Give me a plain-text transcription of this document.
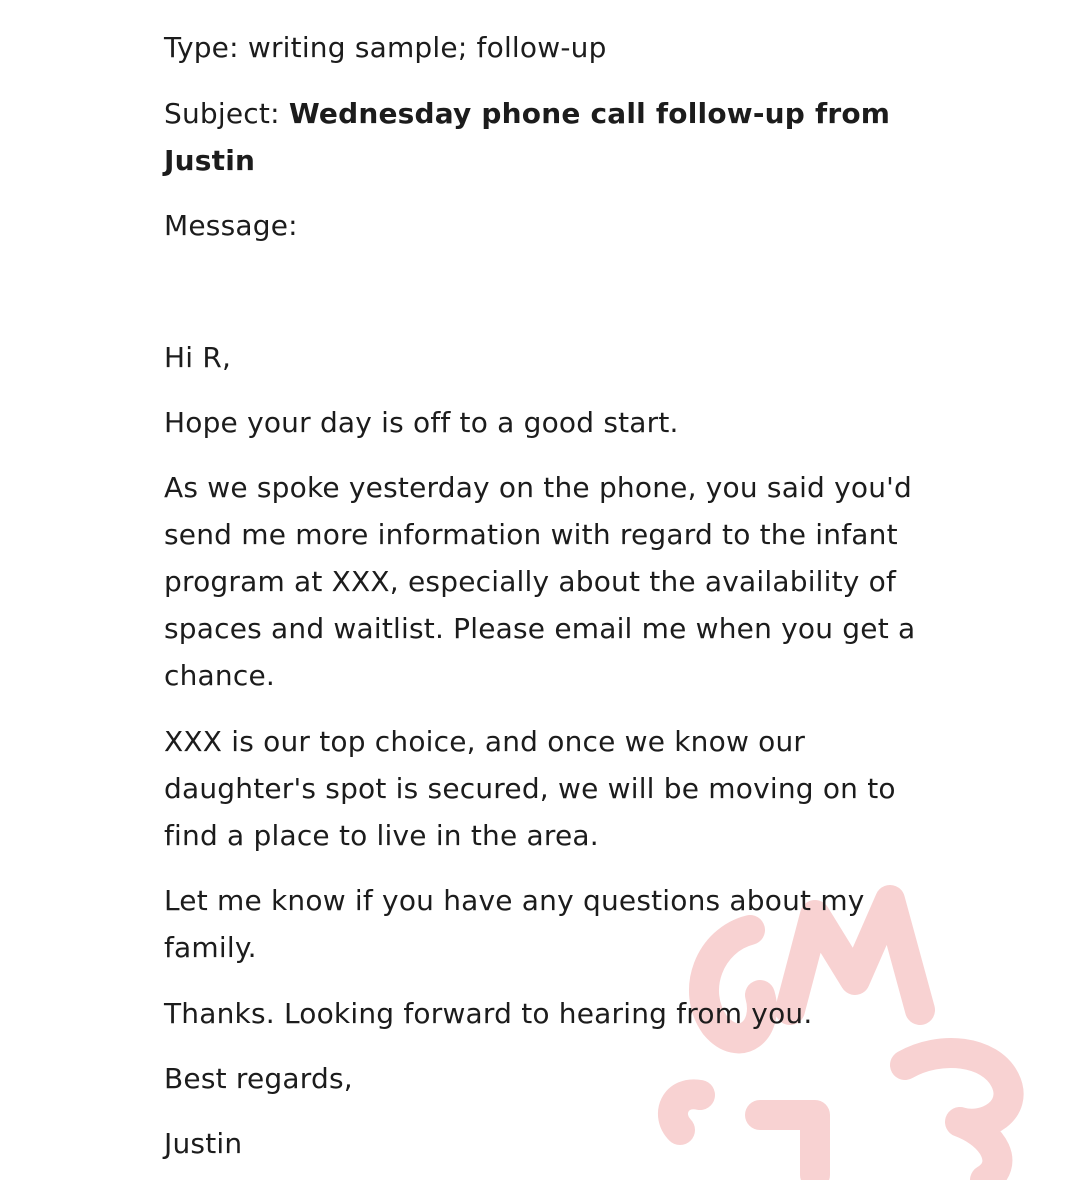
Type: writing sample; follow-up
Subject: Wednesday phone call follow-up from
Justin
Message:
Hi R,
Hope your day is off to a good start.
As we spoke yesterday on the phone, you said you'd
send me more information with regard to the infant
program at XXX, especially about the availability of
spaces and waitlist. Please email me when you get a
chance.
XXX is our top choice, and once we know our
daughter's spot is secured, we will be moving on to
find a place to live in the area.
Let me know if you have any questions about my
family.
Thanks. Looking forward to hearing from you.
Best regards,
Justin
